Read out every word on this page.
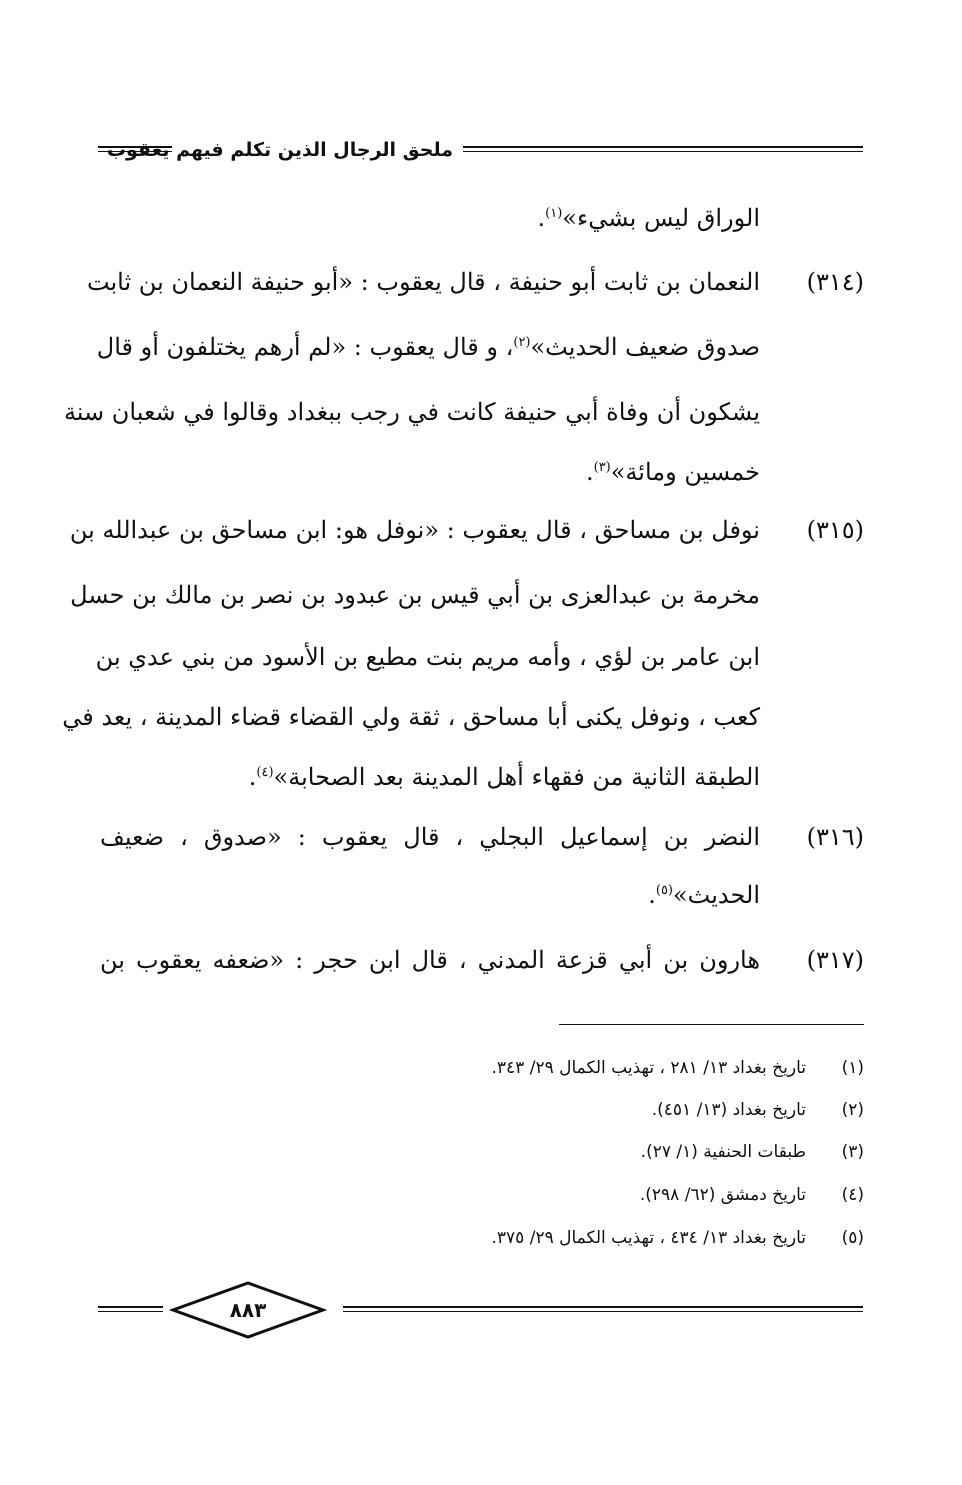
ملحق الرجال الذين تكلم فيهم يعقوب
الوراق ليس بشيء»$^{(١)}$.
(٣١٤)
النعمان بن ثابت أبو حنيفة ، قال يعقوب : «أبو حنيفة النعمان بن ثابت
صدوق ضعيف الحديث»$^{(٢)}$، و قال يعقوب : «لم أرهم يختلفون أو قال
يشكون أن وفاة أبي حنيفة كانت في رجب ببغداد وقالوا في شعبان سنة
خمسين ومائة»$^{(٣)}$.
(٣١٥)
نوفل بن مساحق ، قال يعقوب : «نوفل هو: ابن مساحق بن عبدالله بن
مخرمة بن عبدالعزى بن أبي قيس بن عبدود بن نصر بن مالك بن حسل
ابن عامر بن لؤي ، وأمه مريم بنت مطيع بن الأسود من بني عدي بن
كعب ، ونوفل يكنى أبا مساحق ، ثقة ولي القضاء قضاء المدينة ، يعد في
الطبقة الثانية من فقهاء أهل المدينة بعد الصحابة»$^{(٤)}$.
(٣١٦)
النضر بن إسماعيل البجلي ، قال يعقوب : «صدوق ، ضعيف
الحديث»$^{(٥)}$.
(٣١٧)
هارون بن أبي قزعة المدني ، قال ابن حجر : «ضعفه يعقوب بن
(١)تاريخ بغداد ١٣/ ٢٨١ ، تهذيب الكمال ٢٩/ ٣٤٣.
(٢)تاريخ بغداد (١٣/ ٤٥١).
(٣)طبقات الحنفية (١/ ٢٧).
(٤)تاريخ دمشق (٦٢/ ٢٩٨).
(٥)تاريخ بغداد ١٣/ ٤٣٤ ، تهذيب الكمال ٢٩/ ٣٧٥.
٨٨٣
